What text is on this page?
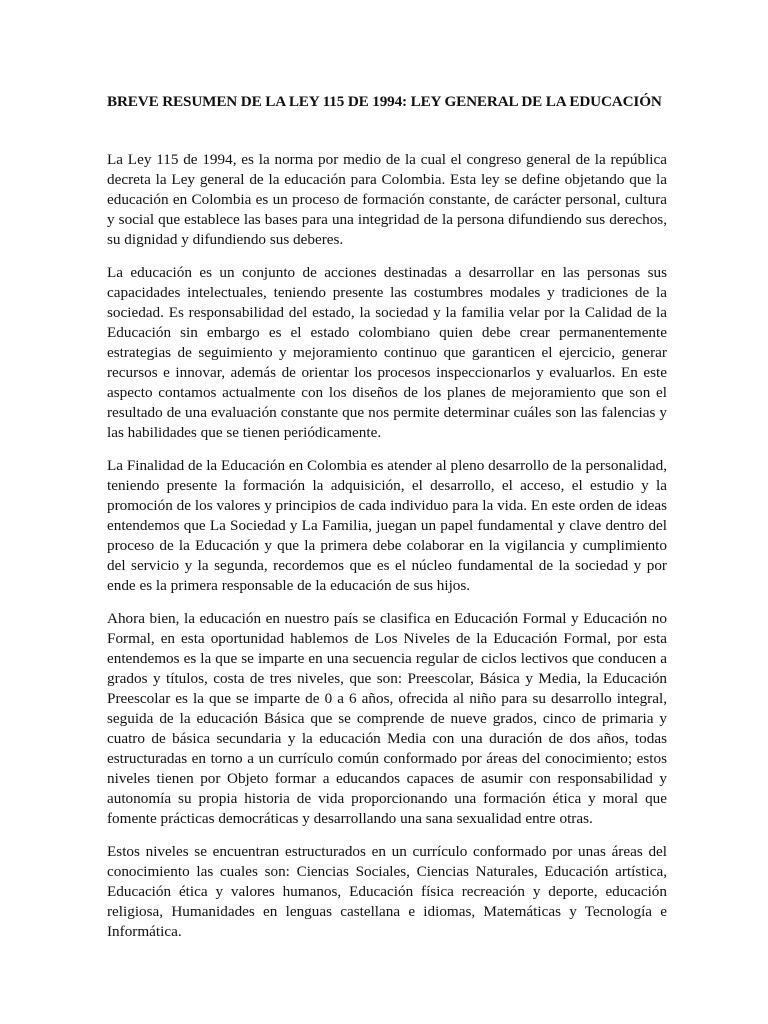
BREVE RESUMEN DE LA LEY 115 DE 1994: LEY GENERAL DE LA EDUCACIÓN

La Ley 115 de 1994, es la norma por medio de la cual el congreso general de la república decreta la Ley general de la educación para Colombia. Esta ley se define objetando que la educación en Colombia es un proceso de formación constante, de carácter personal, cultura y social que establece las bases para una integridad de la persona difundiendo sus derechos, su dignidad y difundiendo sus deberes.

La educación es un conjunto de acciones destinadas a desarrollar en las personas sus capacidades intelectuales, teniendo presente las costumbres modales y tradiciones de la sociedad. Es responsabilidad del estado, la sociedad y la familia velar por la Calidad de la Educación sin embargo es el estado colombiano quien debe crear permanentemente estrategias de seguimiento y mejoramiento continuo que garanticen el ejercicio, generar recursos e innovar, además de orientar los procesos inspeccionarlos y evaluarlos. En este aspecto contamos actualmente con los diseños de los planes de mejoramiento que son el resultado de una evaluación constante que nos permite determinar cuáles son las falencias y las habilidades que se tienen periódicamente.

La Finalidad de la Educación en Colombia es atender al pleno desarrollo de la personalidad, teniendo presente la formación la adquisición, el desarrollo, el acceso, el estudio y la promoción de los valores y principios de cada individuo para la vida. En este orden de ideas entendemos que La Sociedad y La Familia, juegan un papel fundamental y clave dentro del proceso de la Educación y que la primera debe colaborar en la vigilancia y cumplimiento del servicio y la segunda, recordemos que es el núcleo fundamental de la sociedad y por ende es la primera responsable de la educación de sus hijos.

Ahora bien, la educación en nuestro país se clasifica en Educación Formal y Educación no Formal, en esta oportunidad hablemos de Los Niveles de la Educación Formal, por esta entendemos es la que se imparte en una secuencia regular de ciclos lectivos que conducen a grados y títulos, costa de tres niveles, que son: Preescolar, Básica y Media, la Educación Preescolar es la que se imparte de 0 a 6 años, ofrecida al niño para su desarrollo integral, seguida de la educación Básica que se comprende de nueve grados, cinco de primaria y cuatro de básica secundaria y la educación Media con una duración de dos años, todas estructuradas en torno a un currículo común conformado por áreas del conocimiento; estos niveles tienen por Objeto formar a educandos capaces de asumir con responsabilidad y autonomía su propia historia de vida proporcionando una formación ética y moral que fomente prácticas democráticas y desarrollando una sana sexualidad entre otras.

Estos niveles se encuentran estructurados en un currículo conformado por unas áreas del conocimiento las cuales son: Ciencias Sociales, Ciencias Naturales, Educación artística, Educación ética y valores humanos, Educación física recreación y deporte, educación religiosa, Humanidades en lenguas castellana e idiomas, Matemáticas y Tecnología e Informática.
